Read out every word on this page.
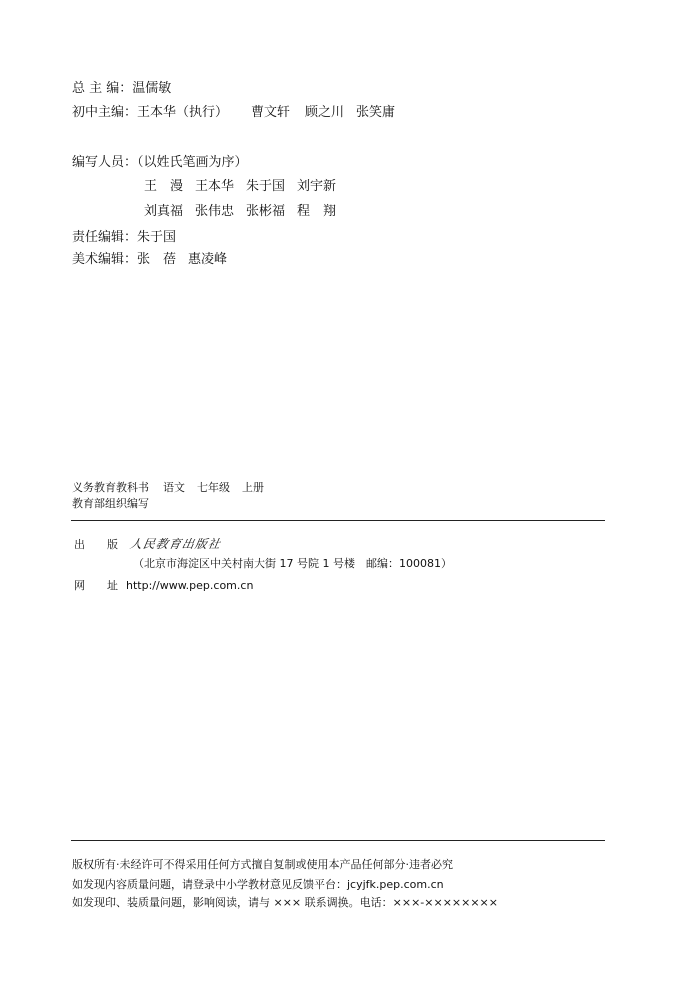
总 主 编：温儒敏
初中主编：王本华（执行） 曹文轩 顾之川 张笑庸
编写人员：（以姓氏笔画为序）
王　漫 王本华 朱于国 刘宇新
刘真福 张伟忠 张彬福 程　翔
责任编辑：朱于国
美术编辑： 张　蓓 惠凌峰
义务教育教科书 语文 七年级 上册
教育部组织编写
出　　版 人民教育出版社
（北京市海淀区中关村南大街 17 号院 1 号楼　邮编：100081）
网　　址 http://www.pep.com.cn
版权所有·未经许可不得采用任何方式擅自复制或使用本产品任何部分·违者必究
如发现内容质量问题，请登录中小学教材意见反馈平台：jcyjfk.pep.com.cn
如发现印、装质量问题，影响阅读，请与 ××× 联系调换。电话：×××-××××××××
